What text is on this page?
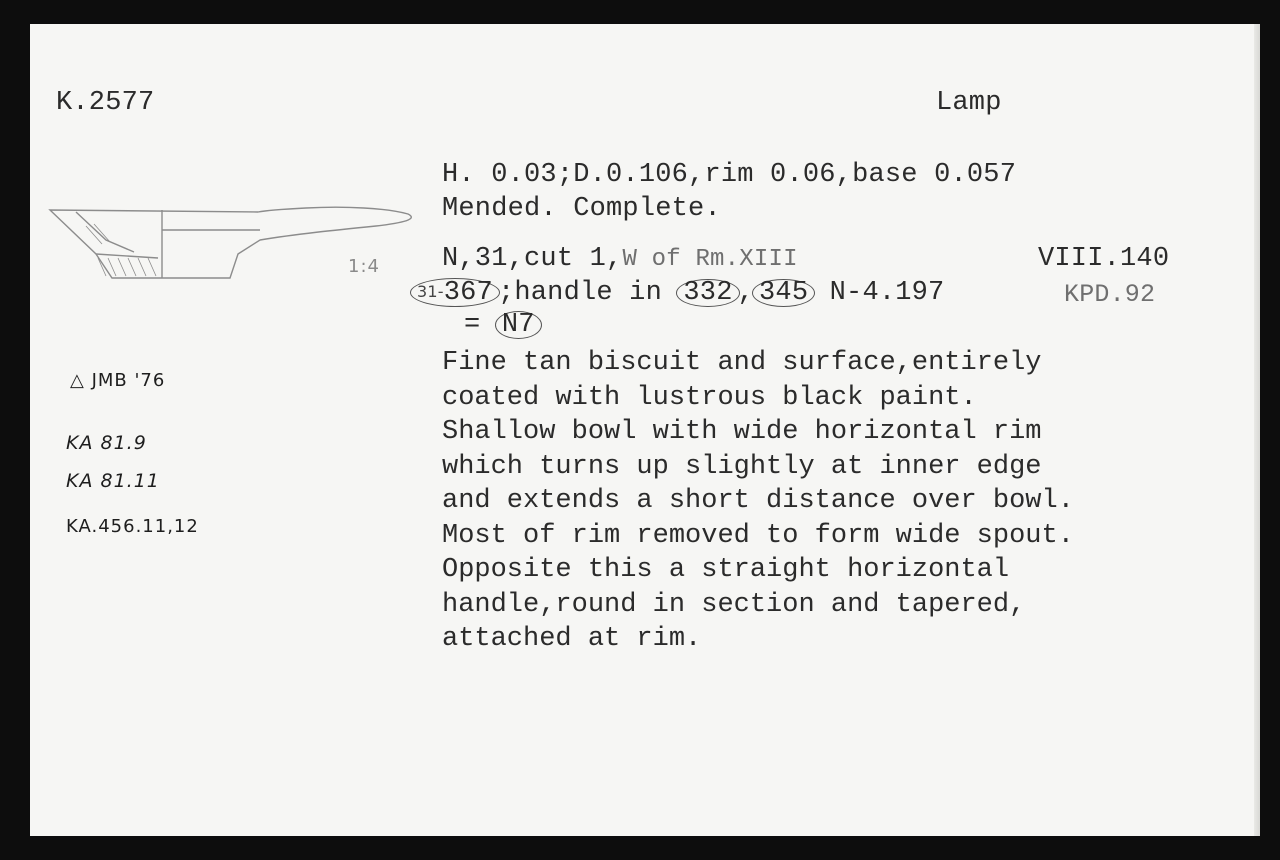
K.2577	Lamp

H. 0.03;D.0.106,rim 0.06,base 0.057

Mended. Complete.

N,31,cut 1,W of Rm.XIII	VIII.140

31-367 ;handle in 332 , 345 N-4.197	KPD.92

= N7

Fine tan biscuit and surface,entirely
coated with lustrous black paint.
Shallow bowl with wide horizontal rim
which turns up slightly at inner edge
and extends a short distance over bowl.
Most of rim removed to form wide spout.
Opposite this a straight horizontal
handle,round in section and tapered,
attached at rim.

1:4

△ JMB '76

KA 81.9

KA 81.11

KA.456.11,12
